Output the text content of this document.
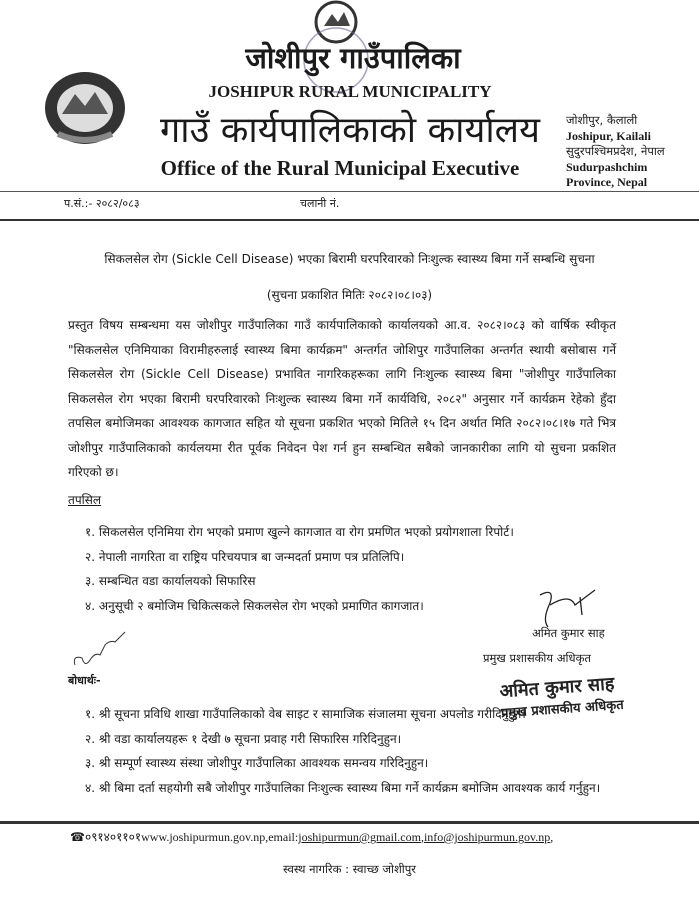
जोशीपुर गाउँपालिका
JOSHIPUR RURAL MUNICIPALITY
गाउँ कार्यपालिकाको कार्यालय
Office of the Rural Municipal Executive
जोशीपुर, कैलाली
Joshipur, Kailali
सुदुरपश्चिमप्रदेश, नेपाल
Sudurpashchim
Province, Nepal
प.सं.:- २०८२/०८३	चलानी नं.
सिकलसेल रोग (Sickle Cell Disease) भएका बिरामी घरपरिवारको निःशुल्क स्वास्थ्य बिमा गर्ने सम्बन्धि सुचना
(सुचना प्रकाशित मितिः २०८२।०८।०३)
प्रस्तुत विषय सम्बन्धमा यस जोशीपुर गाउँपालिका गाउँ कार्यपालिकाको कार्यालयको आ.व. २०८२।०८३ को वार्षिक स्वीकृत "सिकलसेल एनिमियाका विरामीहरुलाई स्वास्थ्य बिमा कार्यक्रम" अन्तर्गत जोशिपुर गाउँपालिका अन्तर्गत स्थायी बसोबास गर्ने सिकलसेल रोग (Sickle Cell Disease) प्रभावित नागरिकहरूका लागि निःशुल्क स्वास्थ्य बिमा "जोशीपुर गाउँपालिका सिकलसेल रोग भएका बिरामी घरपरिवारको निःशुल्क स्वास्थ्य बिमा गर्ने कार्यविधि, २०८२" अनुसार गर्ने कार्यक्रम रेहेको हुँदा तपसिल बमोजिमका आवश्यक कागजात सहित यो सूचना प्रकशित भएको मितिले १५ दिन अर्थात मिति २०८२।०८।१७ गते भित्र जोशीपुर गाउँपालिकाको कार्यलयमा रीत पूर्वक निवेदन पेश गर्न हुन सम्बन्धित सबैको जानकारीका लागि यो सुचना प्रकशित गरिएको छ।
तपसिल
१. सिकलसेल एनिमिया रोग भएको प्रमाण खुल्ने कागजात वा रोग प्रमणित भएको प्रयोगशाला रिपोर्ट।
२. नेपाली नागरिता वा राष्ट्रिय परिचयपात्र बा जन्मदर्ता प्रमाण पत्र प्रतिलिपि।
३. सम्बन्धित वडा कार्यालयको सिफारिस
४. अनुसूची २ बमोजिम चिकित्सकले सिकलसेल रोग भएको प्रमाणित कागजात।
अमित कुमार साह
प्रमुख प्रशासकीय अधिकृत
बोधार्थः-	अमित कुमार साह
प्रमुख प्रशासकीय अधिकृत
१. श्री सूचना प्रविधि शाखा गाउँपालिकाको वेब साइट र सामाजिक संजालमा सूचना अपलोड गरीदिनुहुन।
२. श्री वडा कार्यालयहरू १ देखी ७ सूचना प्रवाह गरी सिफारिस गरिदिनुहुन।
३. श्री सम्पूर्ण स्वास्थ्य संस्था जोशीपुर गाउँपालिका आवश्यक समन्वय गरिदिनुहुन।
४. श्री बिमा दर्ता सहयोगी सबै जोशीपुर गाउँपालिका निःशुल्क स्वास्थ्य बिमा गर्ने कार्यक्रम बमोजिम आवश्यक कार्य गर्नुहुन।
☎०९१४०११०१www.joshipurmun.gov.np,email:joshipurmun@gmail.com,info@joshipurmun.gov.np,
स्वस्थ नागरिक : स्वाच्छ जोशीपुर
